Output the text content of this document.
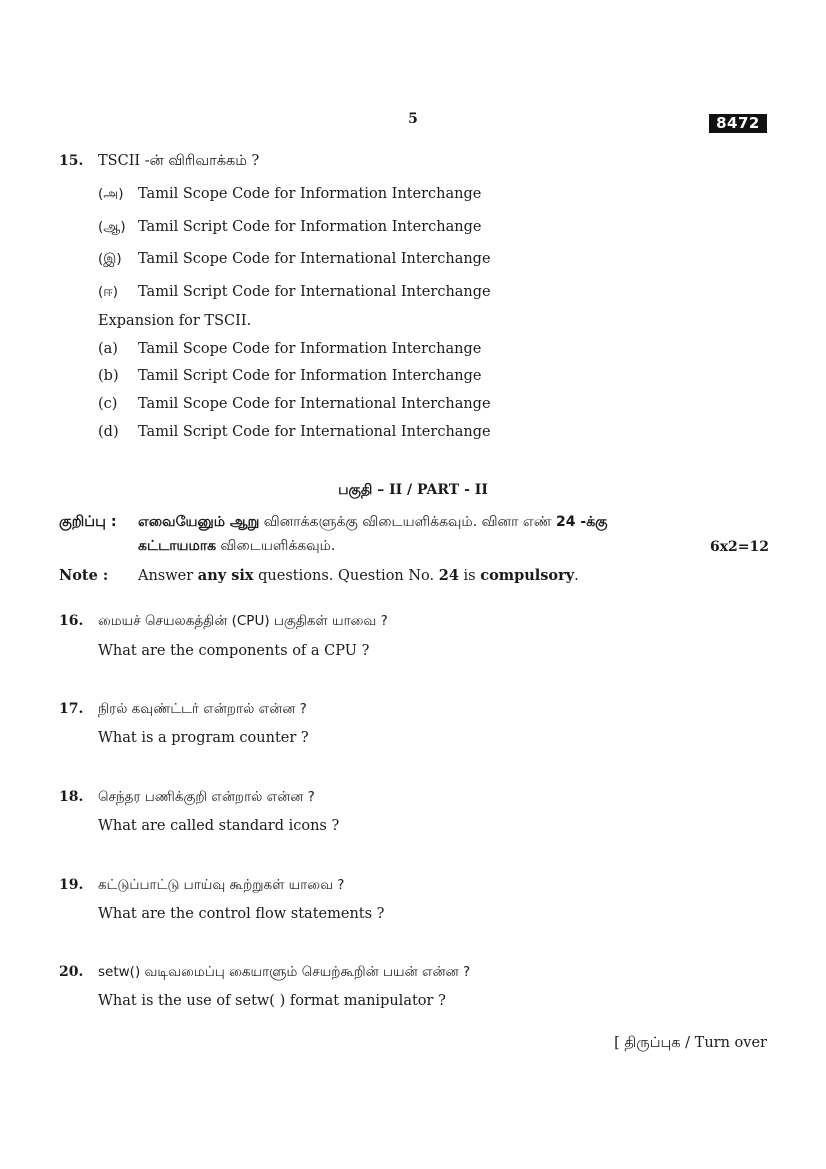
5	8472
15. TSCII -ன் விரிவாக்கம் ?
(அ) Tamil Scope Code for Information Interchange
(ஆ) Tamil Script Code for Information Interchange
(இ) Tamil Scope Code for International Interchange
(ஈ) Tamil Script Code for International Interchange
Expansion for TSCII.
(a) Tamil Scope Code for Information Interchange
(b) Tamil Script Code for Information Interchange
(c) Tamil Scope Code for International Interchange
(d) Tamil Script Code for International Interchange
பகுதி – II / PART - II
குறிப்பு : எவையேனும் ஆறு வினாக்களுக்கு விடையளிக்கவும். வினா எண் 24 -க்கு
கட்டாயமாக விடையளிக்கவும்.	6x2=12
Note : Answer any six questions. Question No. 24 is compulsory.
16. மையச் செயலகத்தின் (CPU) பகுதிகள் யாவை ?
What are the components of a CPU ?
17. நிரல் கவுண்ட்டர் என்றால் என்ன ?
What is a program counter ?
18. செந்தர பணிக்குறி என்றால் என்ன ?
What are called standard icons ?
19. கட்டுப்பாட்டு பாய்வு கூற்றுகள் யாவை ?
What are the control flow statements ?
20. setw() வடிவமைப்பு கையாளும் செயற்கூறின் பயன் என்ன ?
What is the use of setw( ) format manipulator ?
[ திருப்புக / Turn over
